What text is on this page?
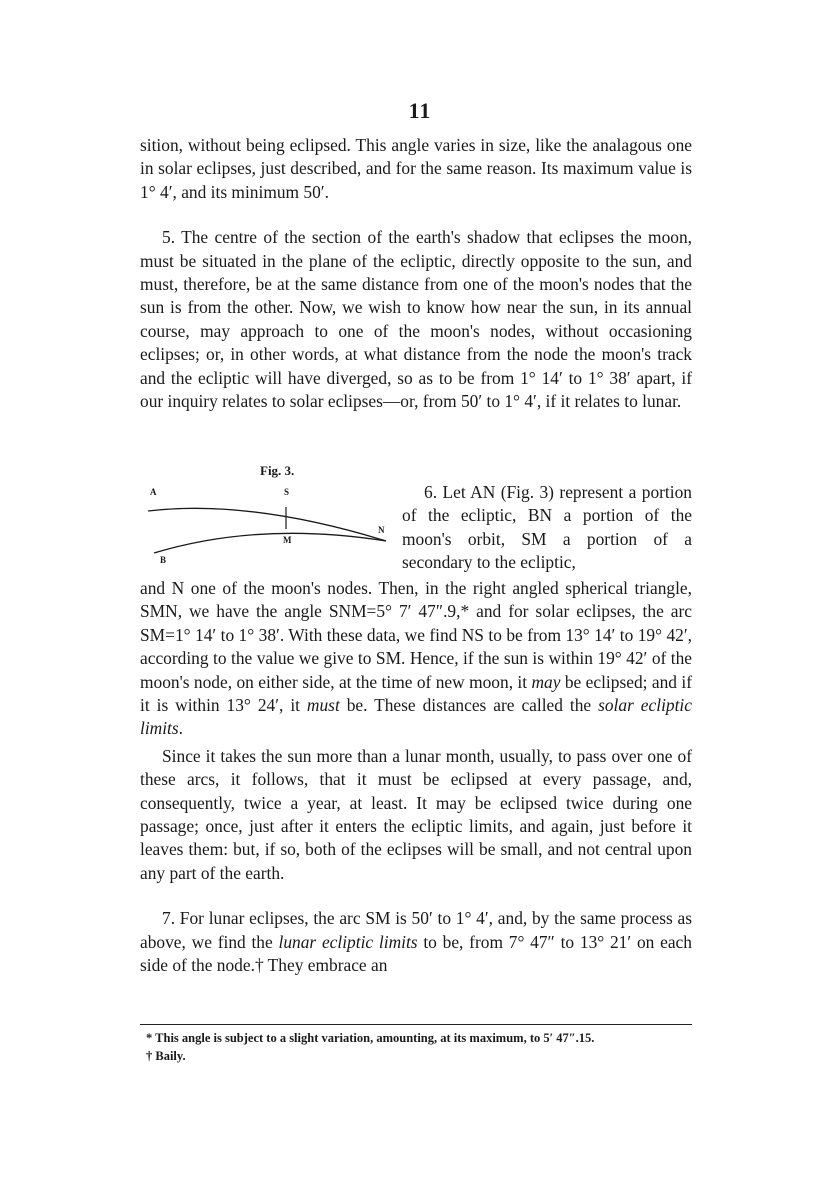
11

sition, without being eclipsed. This angle varies in size, like the analagous one in solar eclipses, just described, and for the same reason. Its maximum value is 1° 4′, and its minimum 50′.

5. The centre of the section of the earth's shadow that eclipses the moon, must be situated in the plane of the ecliptic, directly opposite to the sun, and must, therefore, be at the same distance from one of the moon's nodes that the sun is from the other. Now, we wish to know how near the sun, in its annual course, may approach to one of the moon's nodes, without occasioning eclipses; or, in other words, at what distance from the node the moon's track and the ecliptic will have diverged, so as to be from 1° 14′ to 1° 38′ apart, if our inquiry relates to solar eclipses—or, from 50′ to 1° 4′, if it relates to lunar.

Fig. 3.
A	S
N
M
B

6. Let AN (Fig. 3) represent a portion of the ecliptic, BN a portion of the moon's orbit, SM a portion of a secondary to the ecliptic,

and N one of the moon's nodes. Then, in the right angled spherical triangle, SMN, we have the angle SNM=5° 7′ 47″.9,* and for solar eclipses, the arc SM=1° 14′ to 1° 38′. With these data, we find NS to be from 13° 14′ to 19° 42′, according to the value we give to SM. Hence, if the sun is within 19° 42′ of the moon's node, on either side, at the time of new moon, it may be eclipsed; and if it is within 13° 24′, it must be. These distances are called the solar ecliptic limits.

Since it takes the sun more than a lunar month, usually, to pass over one of these arcs, it follows, that it must be eclipsed at every passage, and, consequently, twice a year, at least. It may be eclipsed twice during one passage; once, just after it enters the ecliptic limits, and again, just before it leaves them: but, if so, both of the eclipses will be small, and not central upon any part of the earth.

7. For lunar eclipses, the arc SM is 50′ to 1° 4′, and, by the same process as above, we find the lunar ecliptic limits to be, from 7° 47″ to 13° 21′ on each side of the node.† They embrace an

* This angle is subject to a slight variation, amounting, at its maximum, to 5′ 47″.15.

† Baily.
